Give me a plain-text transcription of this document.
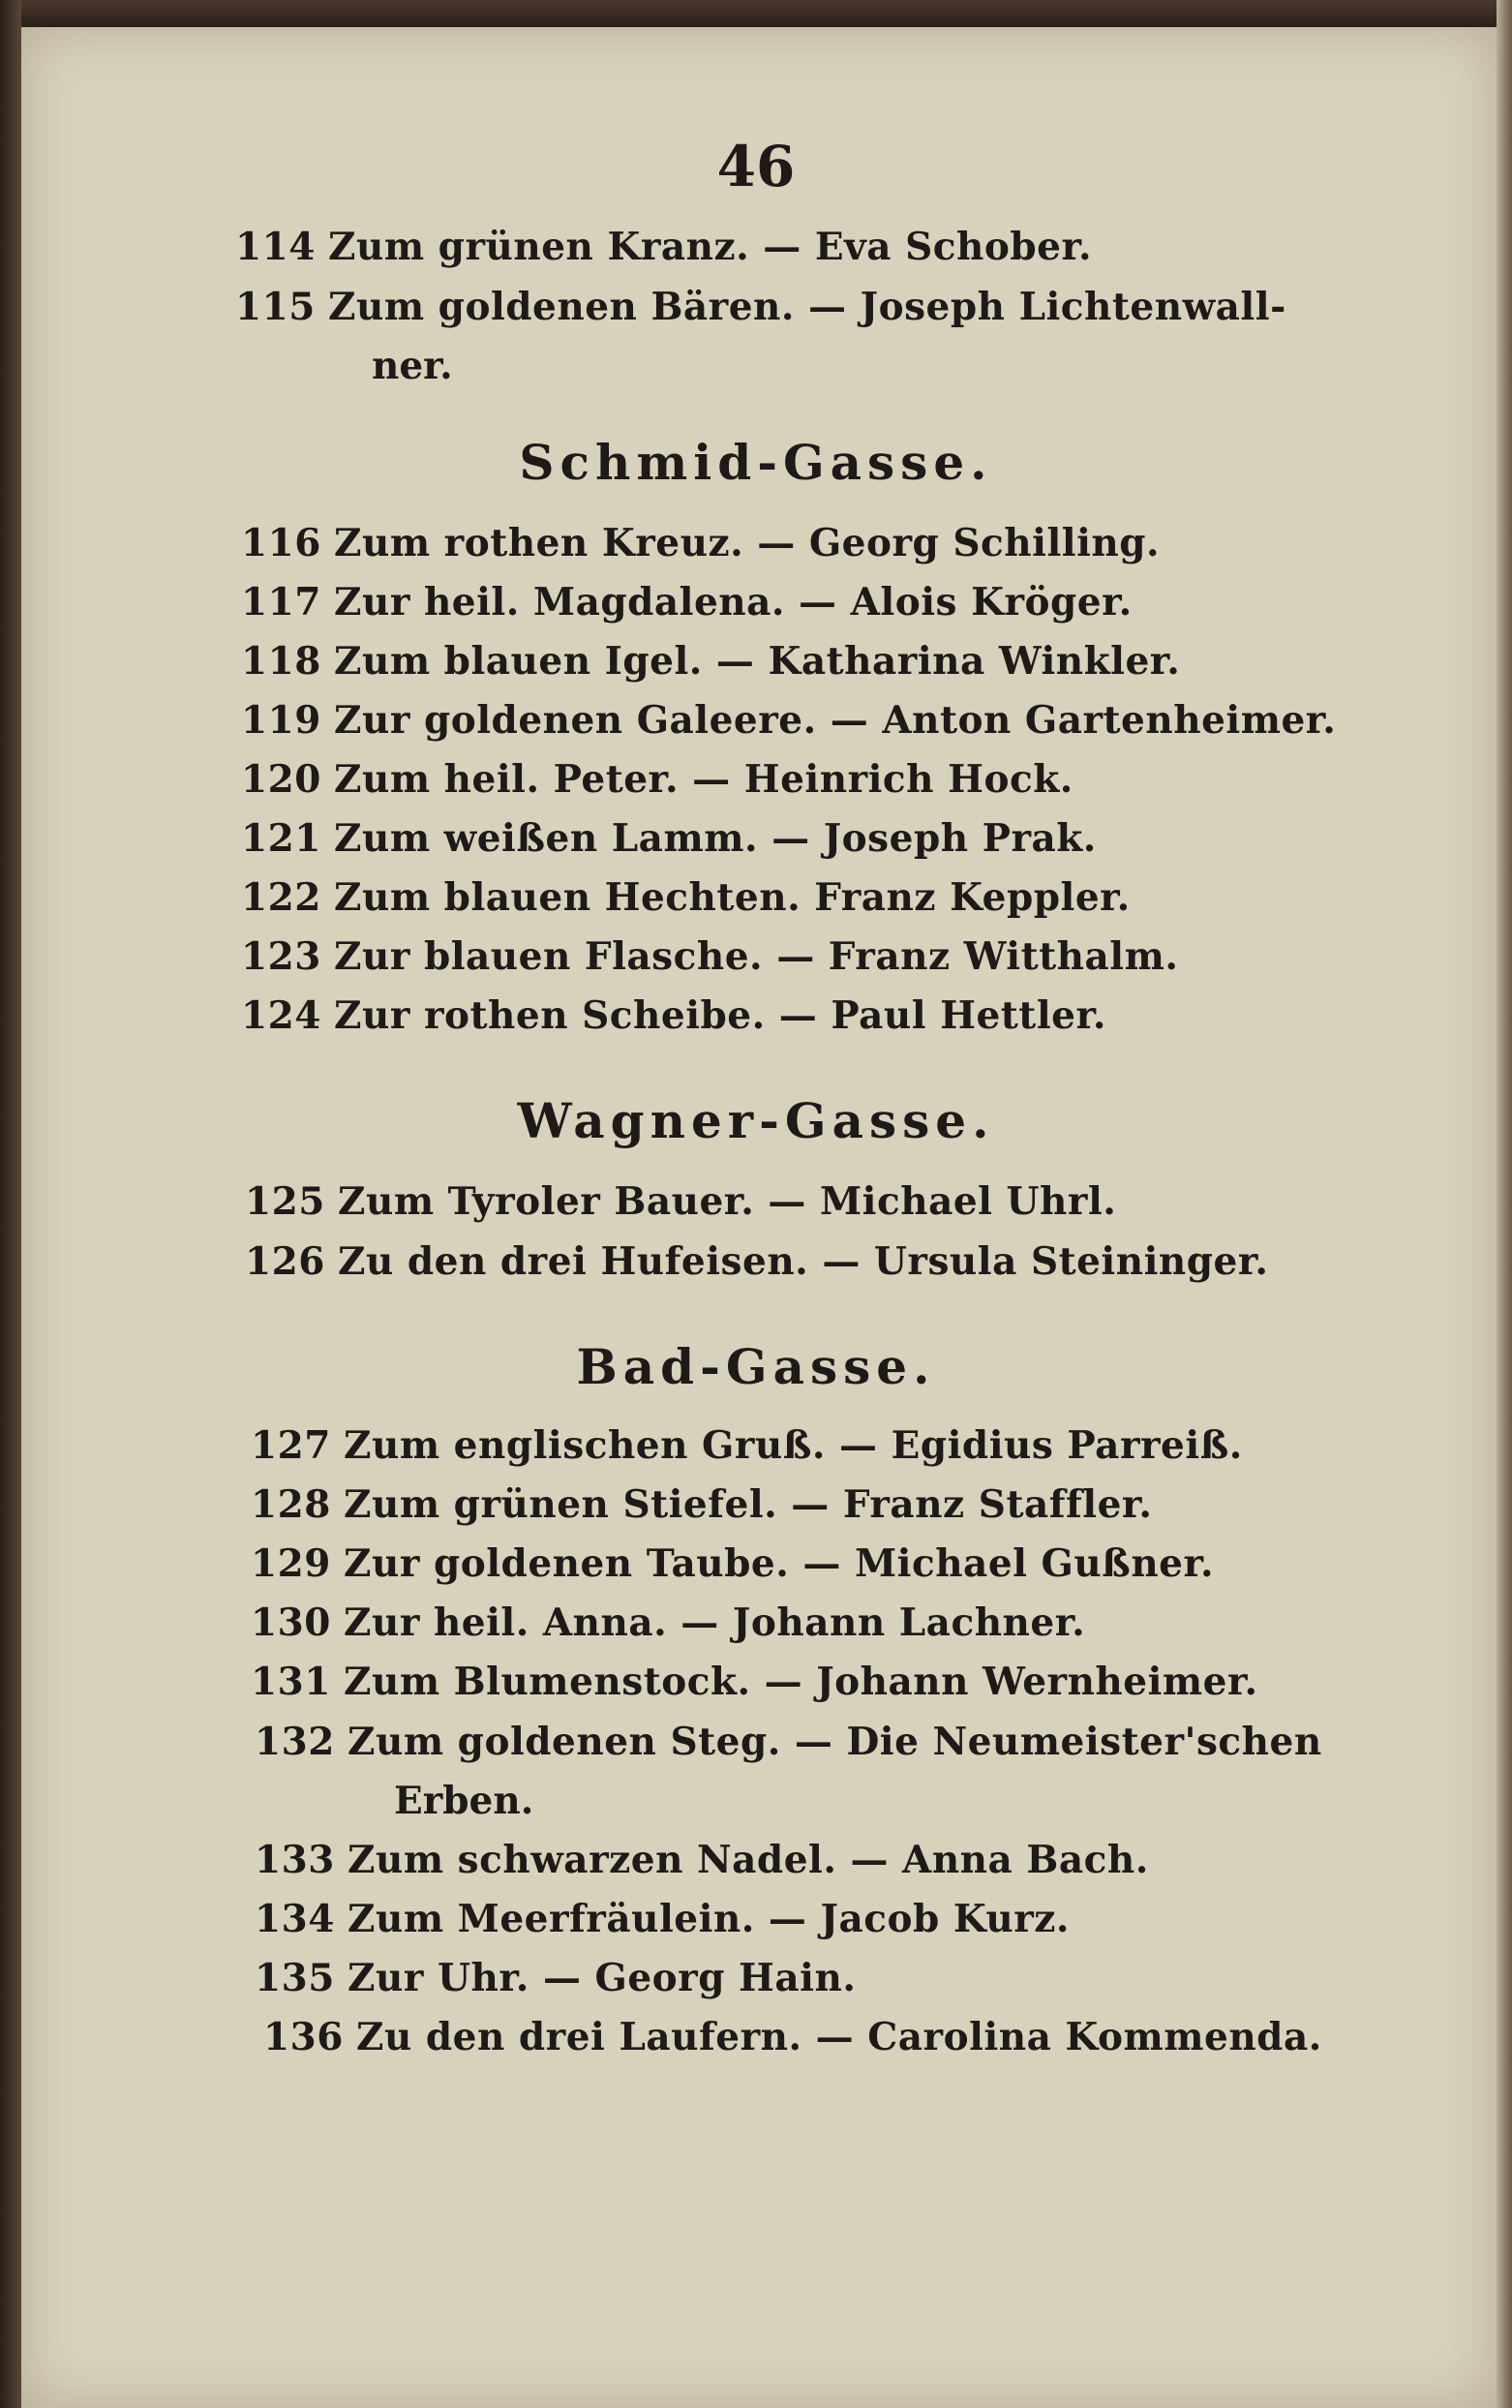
46
114 Zum grünen Kranz. — Eva Schober.
115 Zum goldenen Bären. — Joseph Lichtenwall-
ner.
Schmid-Gasse.
116 Zum rothen Kreuz. — Georg Schilling.
117 Zur heil. Magdalena. — Alois Kröger.
118 Zum blauen Igel. — Katharina Winkler.
119 Zur goldenen Galeere. — Anton Gartenheimer.
120 Zum heil. Peter. — Heinrich Hock.
121 Zum weißen Lamm. — Joseph Prak.
122 Zum blauen Hechten. Franz Keppler.
123 Zur blauen Flasche. — Franz Witthalm.
124 Zur rothen Scheibe. — Paul Hettler.
Wagner-Gasse.
125 Zum Tyroler Bauer. — Michael Uhrl.
126 Zu den drei Hufeisen. — Ursula Steininger.
Bad-Gasse.
127 Zum englischen Gruß. — Egidius Parreiß.
128 Zum grünen Stiefel. — Franz Staffler.
129 Zur goldenen Taube. — Michael Gußner.
130 Zur heil. Anna. — Johann Lachner.
131 Zum Blumenstock. — Johann Wernheimer.
132 Zum goldenen Steg. — Die Neumeister'schen
Erben.
133 Zum schwarzen Nadel. — Anna Bach.
134 Zum Meerfräulein. — Jacob Kurz.
135 Zur Uhr. — Georg Hain.
136 Zu den drei Laufern. — Carolina Kommenda.
